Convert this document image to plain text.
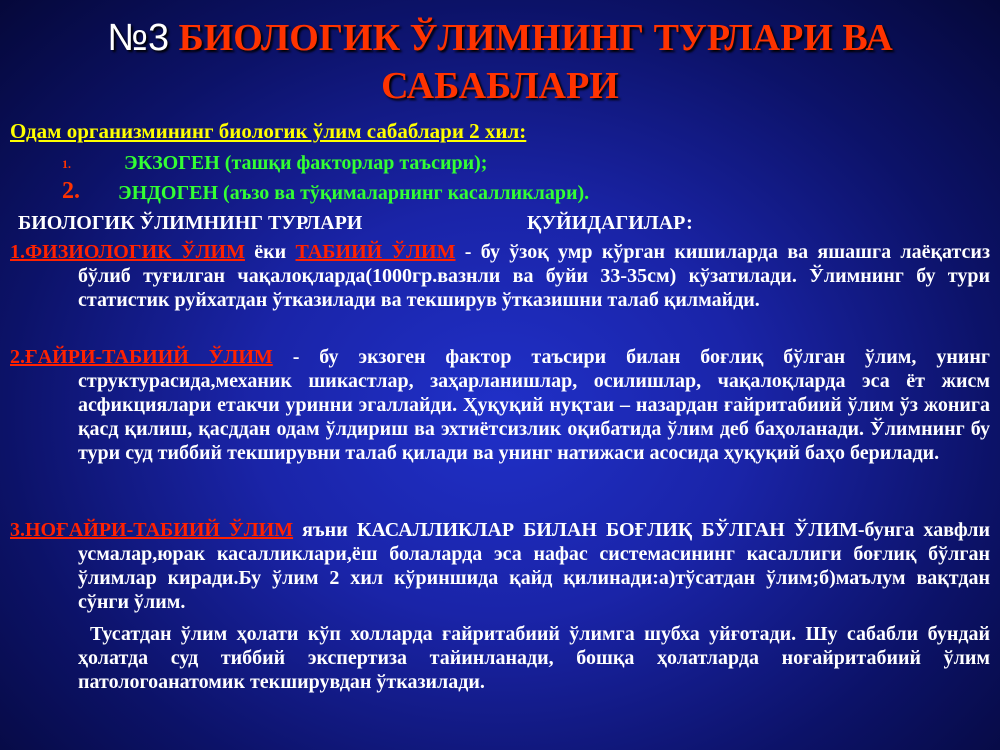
№3 БИОЛОГИК ЎЛИМНИНГ ТУРЛАРИ ВА САБАБЛАРИ
Одам организмининг биологик ўлим сабаблари 2 хил:
1.	ЭКЗОГЕН (ташқи факторлар таъсири);
2. ЭНДОГЕН (аъзо ва тўқималарнинг касалликлари).
БИОЛОГИК ЎЛИМНИНГ ТУРЛАРИ	ҚУЙИДАГИЛАР:
1.ФИЗИОЛОГИК ЎЛИМ ёки ТАБИИЙ ЎЛИМ - бу ўзоқ умр кўрган кишиларда ва яшашга лаёқатсиз бўлиб туғилган чақалоқларда(1000гр.вазнли ва буйи 33-35см) кўзатилади. Ўлимнинг бу тури статистик руйхатдан ўтказилади ва текширув ўтказишни талаб қилмайди.
2.ҒАЙРИ-ТАБИИЙ ЎЛИМ - бу экзоген фактор таъсири билан боғлиқ бўлган ўлим, унинг структурасида,механик шикастлар, заҳарланишлар, осилишлар, чақалоқларда эса ёт жисм асфикциялари етакчи уринни эгаллайди. Ҳуқуқий нуқтаи – назардан ғайритабиий ўлим ўз жонига қасд қилиш, қасддан одам ўлдириш ва эхтиётсизлик оқибатида ўлим деб баҳоланади. Ўлимнинг бу тури суд тиббий текширувни талаб қилади ва унинг натижаси асосида ҳуқуқий баҳо берилади.
3.НОҒАЙРИ-ТАБИИЙ ЎЛИМ яъни КАСАЛЛИКЛАР БИЛАН БОҒЛИҚ БЎЛГАН ЎЛИМ-бунга хавфли усмалар,юрак касалликлари,ёш болаларда эса нафас системасининг касаллиги боғлиқ бўлган ўлимлар киради.Бу ўлим 2 хил кўриншида қайд қилинади:а)тўсатдан ўлим;б)маълум вақтдан сўнги ўлим.
Тусатдан ўлим ҳолати кўп холларда ғайритабиий ўлимга шубха уйғотади. Шу сабабли бундай ҳолатда суд тиббий экспертиза тайинланади, бошқа ҳолатларда ноғайритабиий ўлим патологоанатомик текширувдан ўтказилади.
